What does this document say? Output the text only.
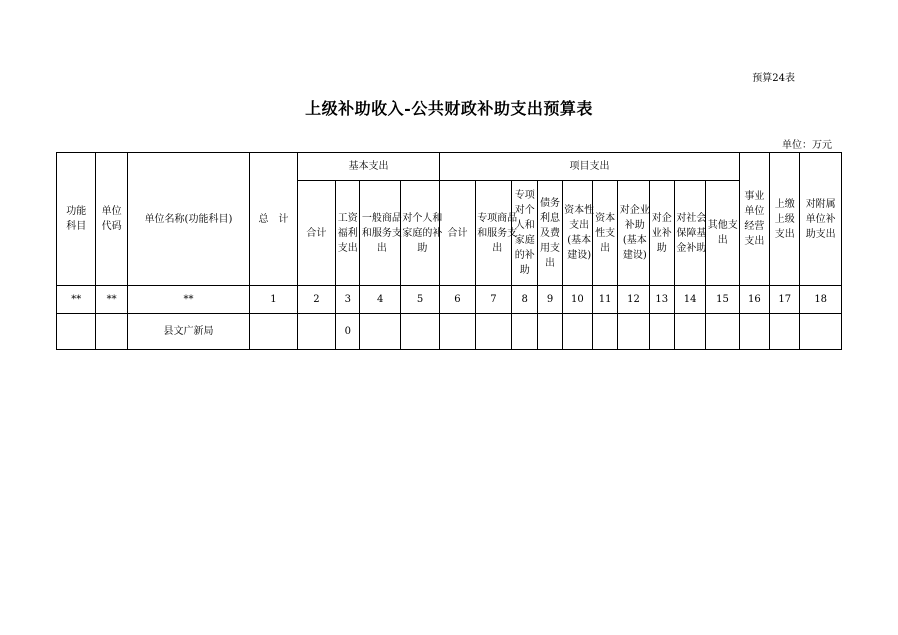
预算24表
上级补助收入-公共财政补助支出预算表
单位：万元
功能科目	单位代码	单位名称(功能科目)	总　计	基本支出				项目支出										事业单位经营支出	上缴上级支出	对附属单位补助支出
				合计	工资福利支出	一般商品和服务支出	对个人和家庭的补助	合计	专项商品和服务支出	专项对个人和家庭的补助	债务利息及费用支出	资本性支出(基本建设)	资本性支出	对企业补助(基本建设)	对企业补助	对社会保障基金补助	其他支出			
**	**	**	1	2	3	4	5	6	7	8	9	10	11	12	13	14	15	16	17	18
		县文广新局			0															
